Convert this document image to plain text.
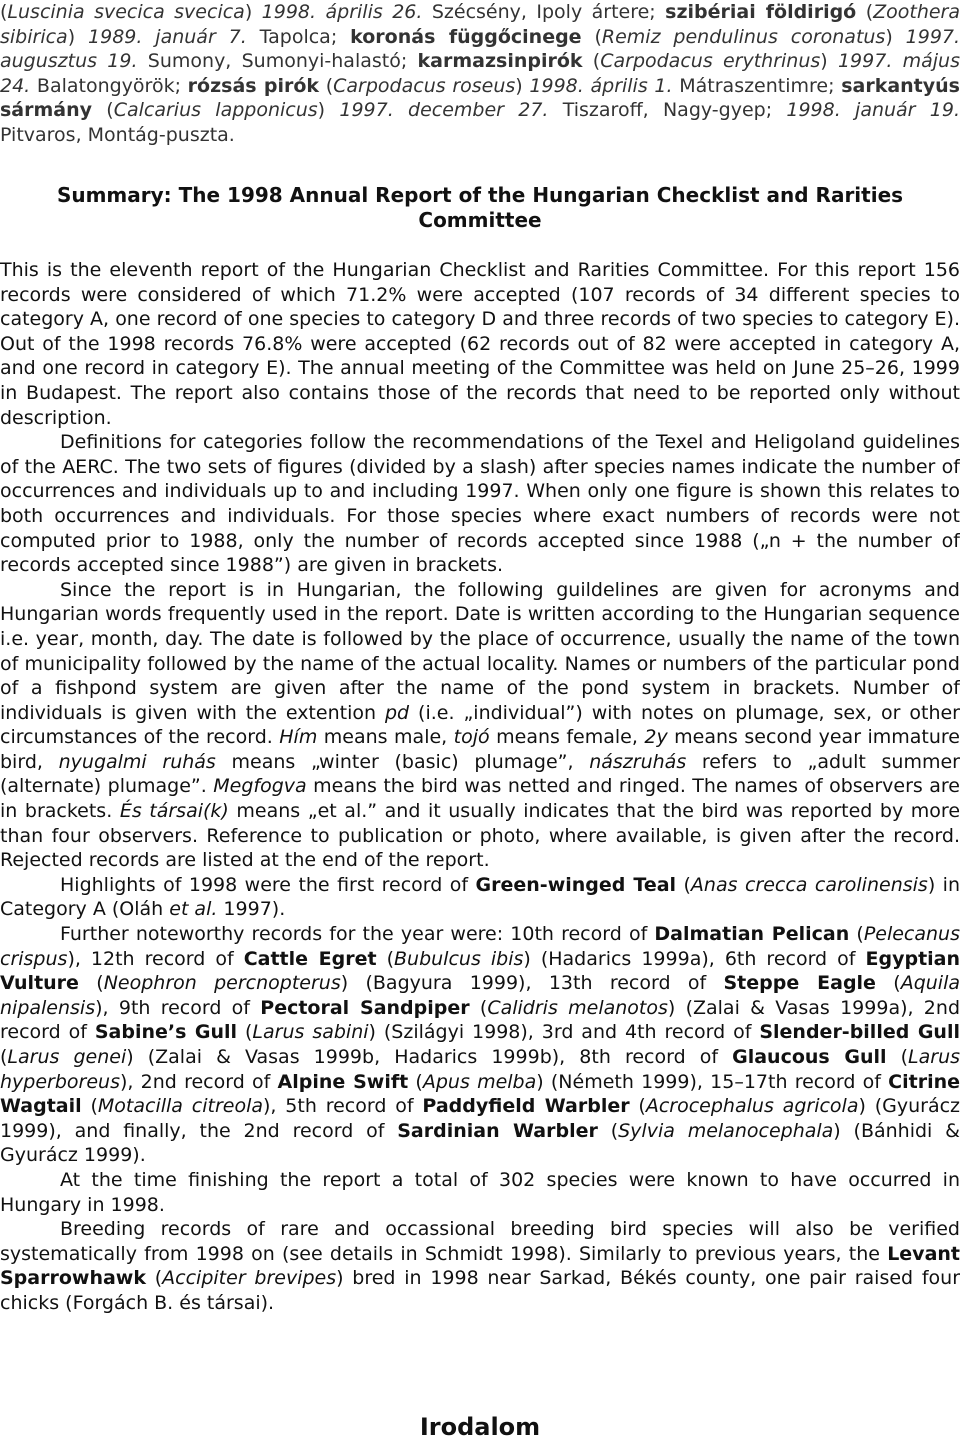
(Luscinia svecica svecica) 1998. április 26. Szécsény, Ipoly ártere; szibériai földirigó (Zoothera sibirica) 1989. január 7. Tapolca; koronás függőcinege (Remiz pendulinus coronatus) 1997. augusztus 19. Sumony, Sumonyi-halastó; karmazsinpirók (Carpodacus erythrinus) 1997. május 24. Balatongyörök; rózsás pirók (Carpodacus roseus) 1998. április 1. Mátraszentimre; sarkantyús sármány (Calcarius lapponicus) 1997. december 27. Tiszaroff, Nagy-gyep; 1998. január 19. Pitvaros, Montág-puszta.

Summary: The 1998 Annual Report of the Hungarian Checklist and Rarities Committee

This is the eleventh report of the Hungarian Checklist and Rarities Committee. For this report 156 records were considered of which 71.2% were accepted (107 records of 34 different species to category A, one record of one species to category D and three records of two species to category E). Out of the 1998 records 76.8% were accepted (62 records out of 82 were accepted in category A, and one record in category E). The annual meeting of the Committee was held on June 25–26, 1999 in Budapest. The report also contains those of the records that need to be reported only without description.

Definitions for categories follow the recommendations of the Texel and Heligoland guidelines of the AERC. The two sets of figures (divided by a slash) after species names indicate the number of occurrences and individuals up to and including 1997. When only one figure is shown this relates to both occurrences and individuals. For those species where exact numbers of records were not computed prior to 1988, only the number of records accepted since 1988 („n + the number of records accepted since 1988”) are given in brackets.

Since the report is in Hungarian, the following guildelines are given for acronyms and Hungarian words frequently used in the report. Date is written according to the Hungarian sequence i.e. year, month, day. The date is followed by the place of occurrence, usually the name of the town of municipality followed by the name of the actual locality. Names or numbers of the particular pond of a fishpond system are given after the name of the pond system in brackets. Number of individuals is given with the extention pd (i.e. „individual”) with notes on plumage, sex, or other circumstances of the record. Hím means male, tojó means female, 2y means second year immature bird, nyugalmi ruhás means „winter (basic) plumage”, nászruhás refers to „adult summer (alternate) plumage”. Megfogva means the bird was netted and ringed. The names of observers are in brackets. És társai(k) means „et al.” and it usually indicates that the bird was reported by more than four observers. Reference to publication or photo, where available, is given after the record. Rejected records are listed at the end of the report.

Highlights of 1998 were the first record of Green-winged Teal (Anas crecca carolinensis) in Category A (Oláh et al. 1997).

Further noteworthy records for the year were: 10th record of Dalmatian Pelican (Pelecanus crispus), 12th record of Cattle Egret (Bubulcus ibis) (Hadarics 1999a), 6th record of Egyptian Vulture (Neophron percnopterus) (Bagyura 1999), 13th record of Steppe Eagle (Aquila nipalensis), 9th record of Pectoral Sandpiper (Calidris melanotos) (Zalai & Vasas 1999a), 2nd record of Sabine’s Gull (Larus sabini) (Szilágyi 1998), 3rd and 4th record of Slender-billed Gull (Larus genei) (Zalai & Vasas 1999b, Hadarics 1999b), 8th record of Glaucous Gull (Larus hyperboreus), 2nd record of Alpine Swift (Apus melba) (Németh 1999), 15–17th record of Citrine Wagtail (Motacilla citreola), 5th record of Paddyfield Warbler (Acrocephalus agricola) (Gyurácz 1999), and finally, the 2nd record of Sardinian Warbler (Sylvia melanocephala) (Bánhidi & Gyurácz 1999).

At the time finishing the report a total of 302 species were known to have occurred in Hungary in 1998.

Breeding records of rare and occassional breeding bird species will also be verified systematically from 1998 on (see details in Schmidt 1998). Similarly to previous years, the Levant Sparrowhawk (Accipiter brevipes) bred in 1998 near Sarkad, Békés county, one pair raised four chicks (Forgách B. és társai).

Irodalom
